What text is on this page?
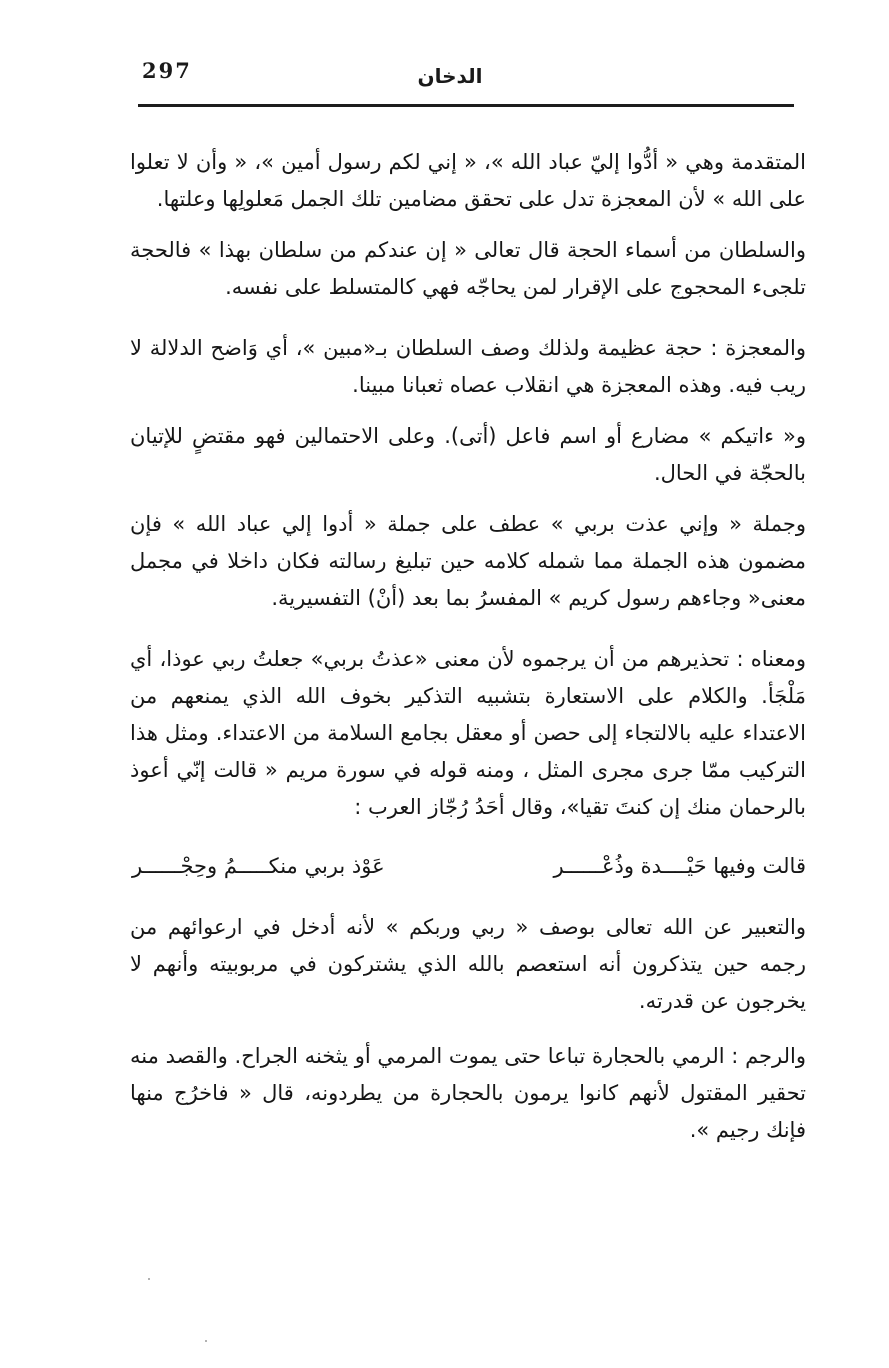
297	الدخان

المتقدمة وهي « أدُّوا إليّ عباد الله »، « إني لكم رسول أمين »، « وأن لا تعلوا على الله » لأن المعجزة تدل على تحقق مضامين تلك الجمل مَعلولِها وعلتها.

والسلطان من أسماء الحجة قال تعالى « إن عندكم من سلطان بهذا » فالحجة تلجىء المحجوج على الإقرار لمن يحاجّه فهي كالمتسلط على نفسه.

والمعجزة : حجة عظيمة ولذلك وصف السلطان بـ«مبين »، أي وَاضح الدلالة لا ريب فيه. وهذه المعجزة هي انقلاب عصاه ثعبانا مبينا.

و« ءاتيكم » مضارع أو اسم فاعل (أتى). وعلى الاحتمالين فهو مقتضٍ للإتيان بالحجّة في الحال.

وجملة « وإني عذت بربي » عطف على جملة « أدوا إلي عباد الله » فإن مضمون هذه الجملة مما شمله كلامه حين تبليغ رسالته فكان داخلا في مجمل معنى« وجاءهم رسول كريم » المفسرُ بما بعد (أنْ) التفسيرية.

ومعناه : تحذيرهم من أن يرجموه لأن معنى «عذتُ بربي» جعلتُ ربي عوذا، أي مَلْجَأ. والكلام على الاستعارة بتشبيه التذكير بخوف الله الذي يمنعهم من الاعتداء عليه بالالتجاء إلى حصن أو معقل بجامع السلامة من الاعتداء. ومثل هذا التركيب ممّا جرى مجرى المثل ، ومنه قوله في سورة مريم « قالت إنّي أعوذ بالرحمان منك إن كنتَ تقيا»، وقال أحَدُ رُجّاز العرب :

قالت وفيها حَيْــــدة وذُعْــــــر
عَوْذ بربي منكـــــمُ وحِجْــــــر

والتعبير عن الله تعالى بوصف « ربي وربكم » لأنه أدخل في ارعوائهم من رجمه حين يتذكرون أنه استعصم بالله الذي يشتركون في مربوبيته وأنهم لا يخرجون عن قدرته.

والرجم : الرمي بالحجارة تباعا حتى يموت المرمي أو يثخنه الجراح. والقصد منه تحقير المقتول لأنهم كانوا يرمون بالحجارة من يطردونه، قال « فاخرُج منها فإنك رجيم ».
